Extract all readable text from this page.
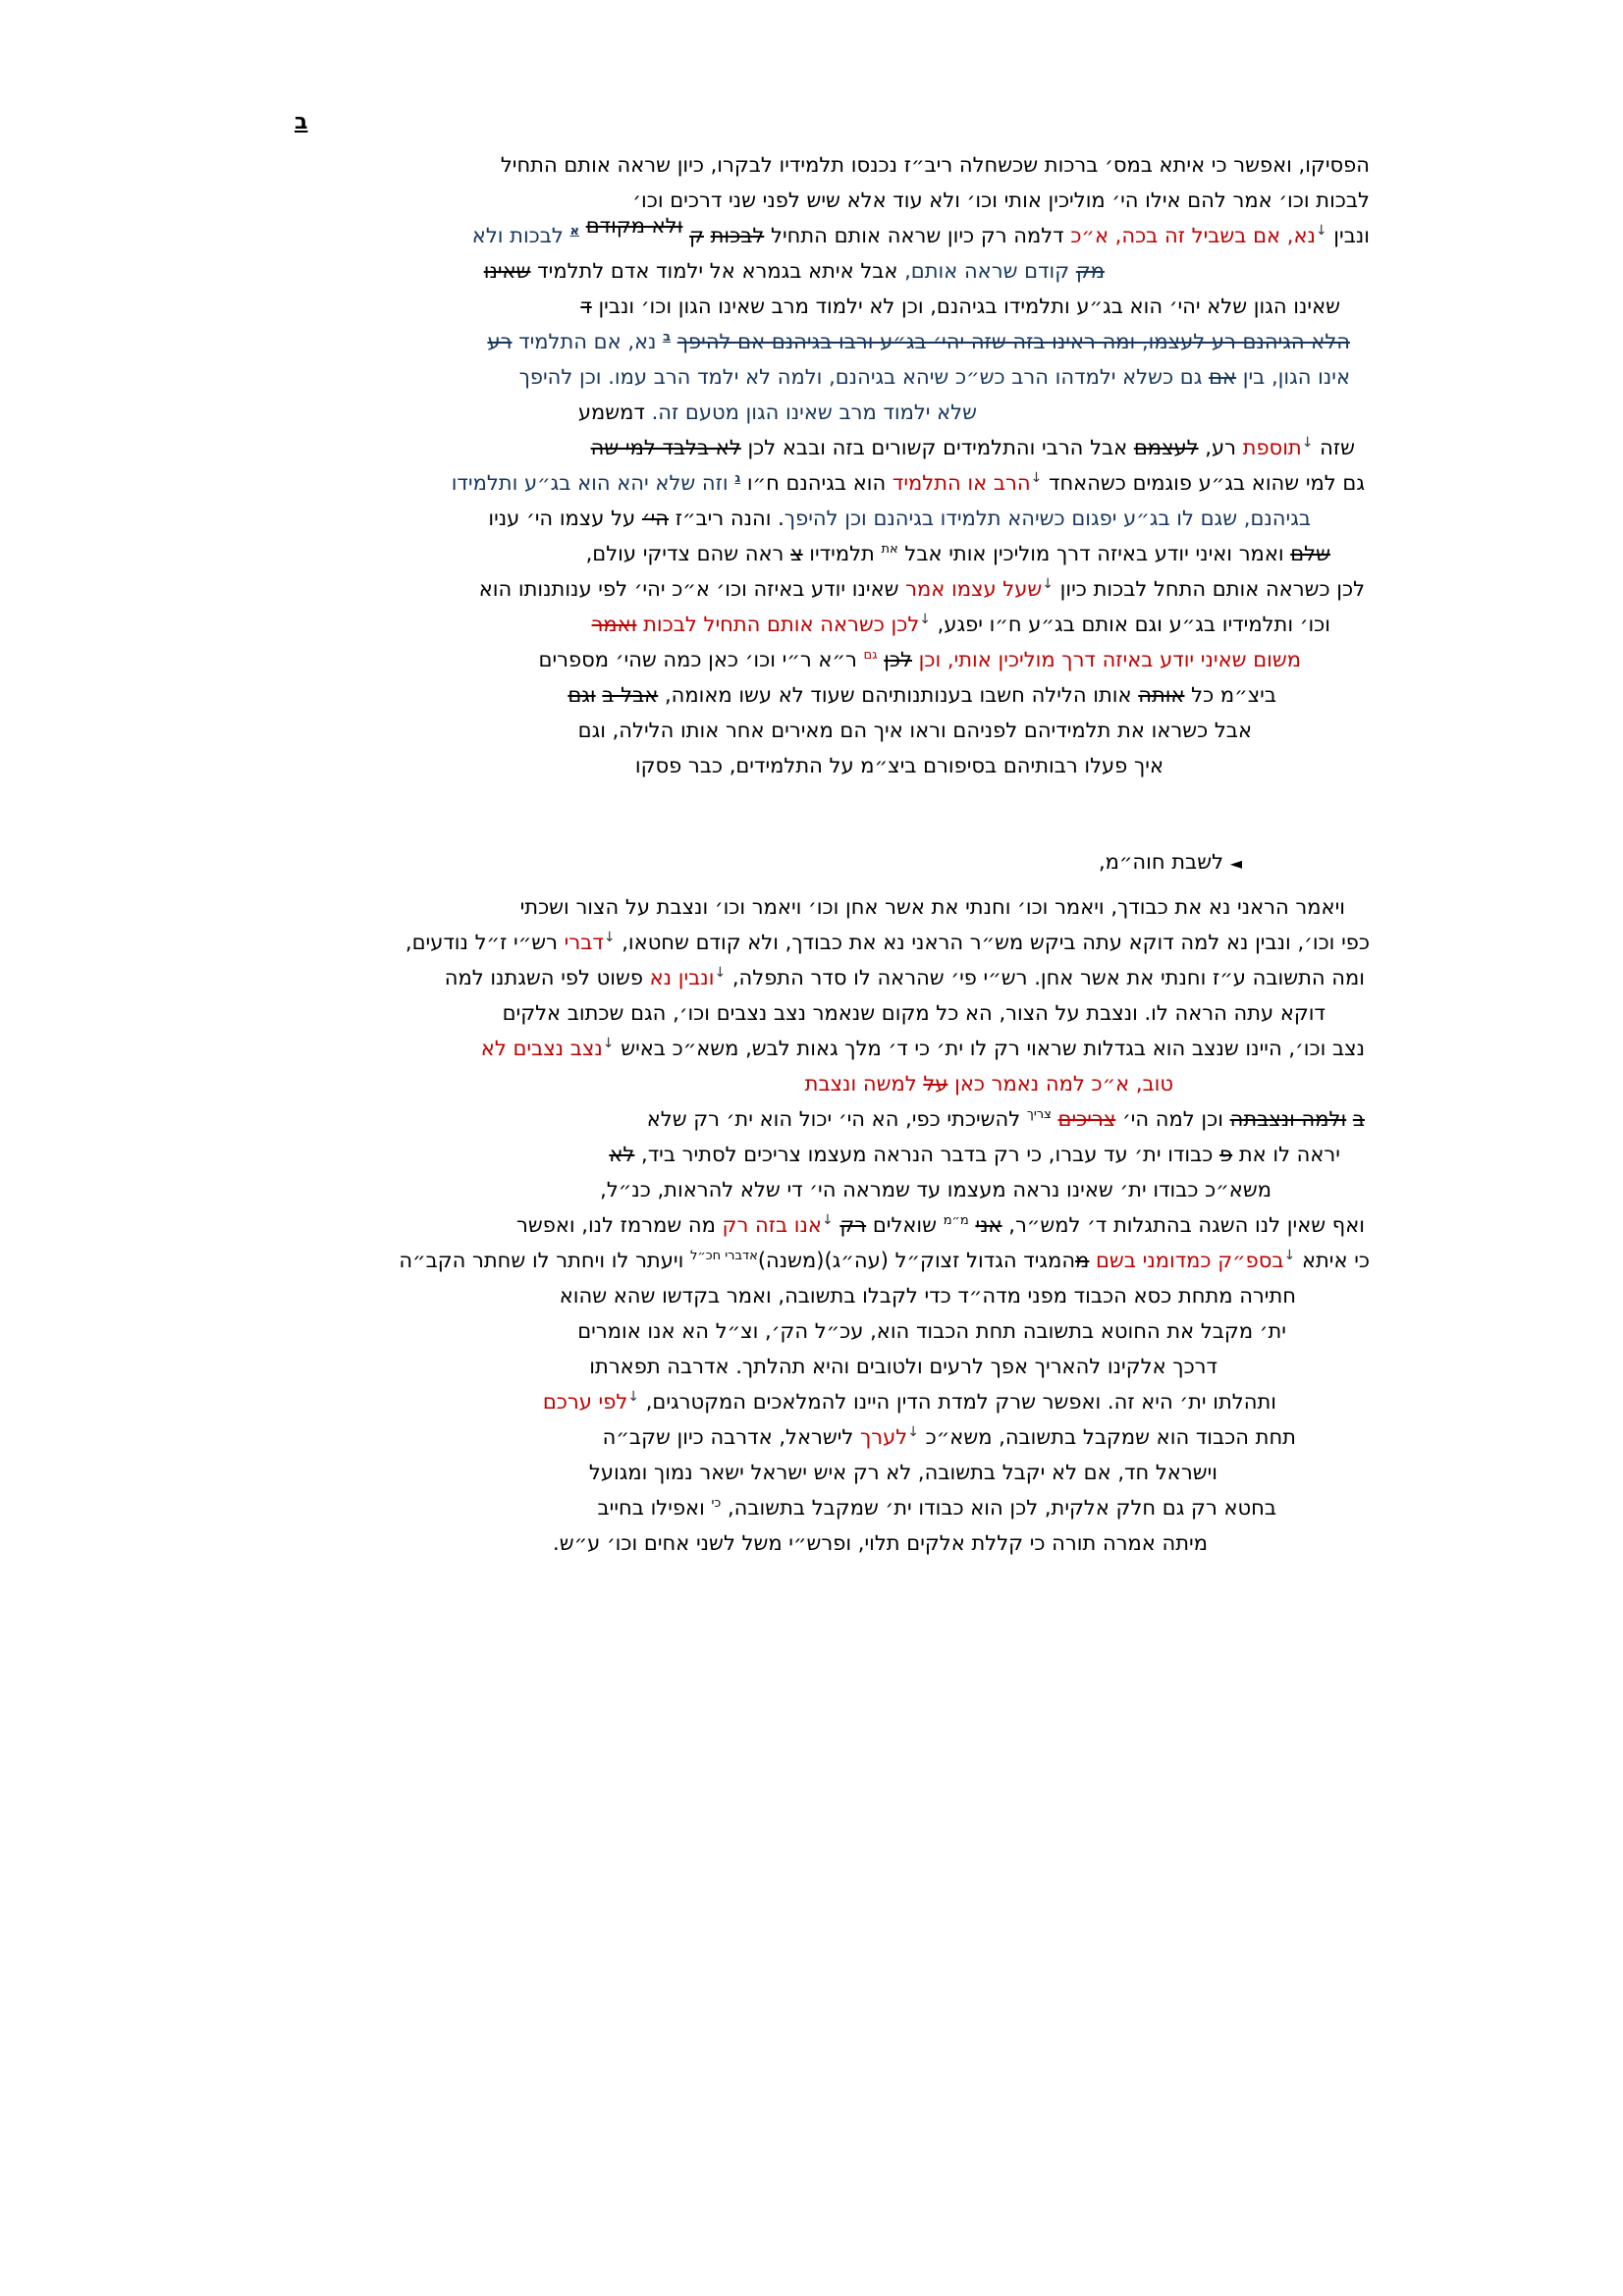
ב
הפסיקו, ואפשר כי איתא במס׳ ברכות שכשחלה ריב״ז נכנסו תלמידיו לבקרו, כיון שראה אותם התחיל
לבכות וכו׳ אמר להם אילו הי׳ מוליכין אותי וכו׳ ולא עוד אלא שיש לפני שני דרכים וכו׳
ונבין ↓נא, אם בשביל זה בכה, א״כ דלמה רק כיון שראה אותם התחיל לבכות ק ולא מקודם $^א$ לבכות ולא
מק קודם שראה אותם, אבל איתא בגמרא אל ילמוד אדם לתלמיד שאינו
שאינו הגון שלא יהי׳ הוא בג״ע ותלמידו בגיהנם, וכן לא ילמוד מרב שאינו הגון וכו׳ ונבין ד
הלא הגיהנם רע לעצמו, ומה ראינו בזה שזה יהי׳ בג״ע ורבו בגיהנם אם להיפך $^ב$ נא, אם התלמיד רע
אינו הגון, בין אם גם כשלא ילמדהו הרב כש״כ שיהא בגיהנם, ולמה לא ילמד הרב עמו. וכן להיפך
שלא ילמוד מרב שאינו הגון מטעם זה. דמשמע
שזה ↓תוספת רע, לעצמם אבל הרבי והתלמידים קשורים בזה ובבא לכן לא בלבד למי שה
גם למי שהוא בג״ע פוגמים כשהאחד ↓הרב או התלמיד הוא בגיהנם ח״ו $^ג$ וזה שלא יהא הוא בג״ע ותלמידו
בגיהנם, שגם לו בג״ע יפגום כשיהא תלמידו בגיהנם וכן להיפך. והנה ריב״ז הי׳ על עצמו הי׳ עניו
שלם ואמר ואיני יודע באיזה דרך מוליכין אותי אבל $^{את}$ תלמידיו צ ראה שהם צדיקי עולם,
לכן כשראה אותם התחל לבכות כיון ↓שעל עצמו אמר שאינו יודע באיזה וכו׳ א״כ יהי׳ לפי ענותנותו הוא
וכו׳ ותלמידיו בג״ע וגם אותם בג״ע ח״ו יפגע, ↓לכן כשראה אותם התחיל לבכות ואמר
משום שאיני יודע באיזה דרך מוליכין אותי, וכן לכן $^{גם}$ ר״א ר״י וכו׳ כאן כמה שהי׳ מספרים
ביצ״מ כל אותה אותו הלילה חשבו בענותנותיהם שעוד לא עשו מאומה, אבל ב וגם
אבל כשראו את תלמידיהם לפניהם וראו איך הם מאירים אחר אותו הלילה, וגם
איך פעלו רבותיהם בסיפורם ביצ״מ על התלמידים, כבר פסקו
◄ לשבת חוה״מ,
ויאמר הראני נא את כבודך, ויאמר וכו׳ וחנתי את אשר אחן וכו׳ ויאמר וכו׳ ונצבת על הצור ושכתי
כפי וכו׳, ונבין נא למה דוקא עתה ביקש מש״ר הראני נא את כבודך, ולא קודם שחטאו, ↓דברי רש״י ז״ל נודעים,
ומה התשובה ע״ז וחנתי את אשר אחן. רש״י פי׳ שהראה לו סדר התפלה, ↓ונבין נא פשוט לפי השגתנו למה
דוקא עתה הראה לו. ונצבת על הצור, הא כל מקום שנאמר נצב נצבים וכו׳, הגם שכתוב אלקים
נצב וכו׳, היינו שנצב הוא בגדלות שראוי רק לו ית׳ כי ד׳ מלך גאות לבש, משא״כ באיש ↓נצב נצבים לא
טוב, א״כ למה נאמר כאן על למשה ונצבת
ב ולמה ונצבתה וכן למה הי׳ צריכים $^{צריך}$ להשיכתי כפי, הא הי׳ יכול הוא ית׳ רק שלא
יראה לו את פ כבודו ית׳ עד עברו, כי רק בדבר הנראה מעצמו צריכים לסתיר ביד, לא
משא״כ כבודו ית׳ שאינו נראה מעצמו עד שמראה הי׳ די שלא להראות, כנ״ל,
ואף שאין לנו השגה בהתגלות ד׳ למש״ר, אני $^{מ״מ}$ שואלים רק ↓אנו בזה רק מה שמרמז לנו, ואפשר
כי איתא ↓בספ״ק כמדומני בשם מהמגיד הגדול זצוק״ל (עה״ג)(משנה)$^{אדברי חכ״ל}$ ויעתר לו ויחתר לו שחתר הקב״ה
חתירה מתחת כסא הכבוד מפני מדה״ד כדי לקבלו בתשובה, ואמר בקדשו שהא שהוא
ית׳ מקבל את החוטא בתשובה תחת הכבוד הוא, עכ״ל הק׳, וצ״ל הא אנו אומרים
דרכך אלקינו להאריך אפך לרעים ולטובים והיא תהלתך. אדרבה תפארתו
ותהלתו ית׳ היא זה. ואפשר שרק למדת הדין היינו להמלאכים המקטרגים, ↓לפי ערכם
תחת הכבוד הוא שמקבל בתשובה, משא״כ ↓לערך לישראל, אדרבה כיון שקב״ה
וישראל חד, אם לא יקבל בתשובה, לא רק איש ישראל ישאר נמוך ומגועל
בחטא רק גם חלק אלקית, לכן הוא כבודו ית׳ שמקבל בתשובה, $^{כי}$ ואפילו בחייב
מיתה אמרה תורה כי קללת אלקים תלוי, ופרש״י משל לשני אחים וכו׳ ע״ש.
